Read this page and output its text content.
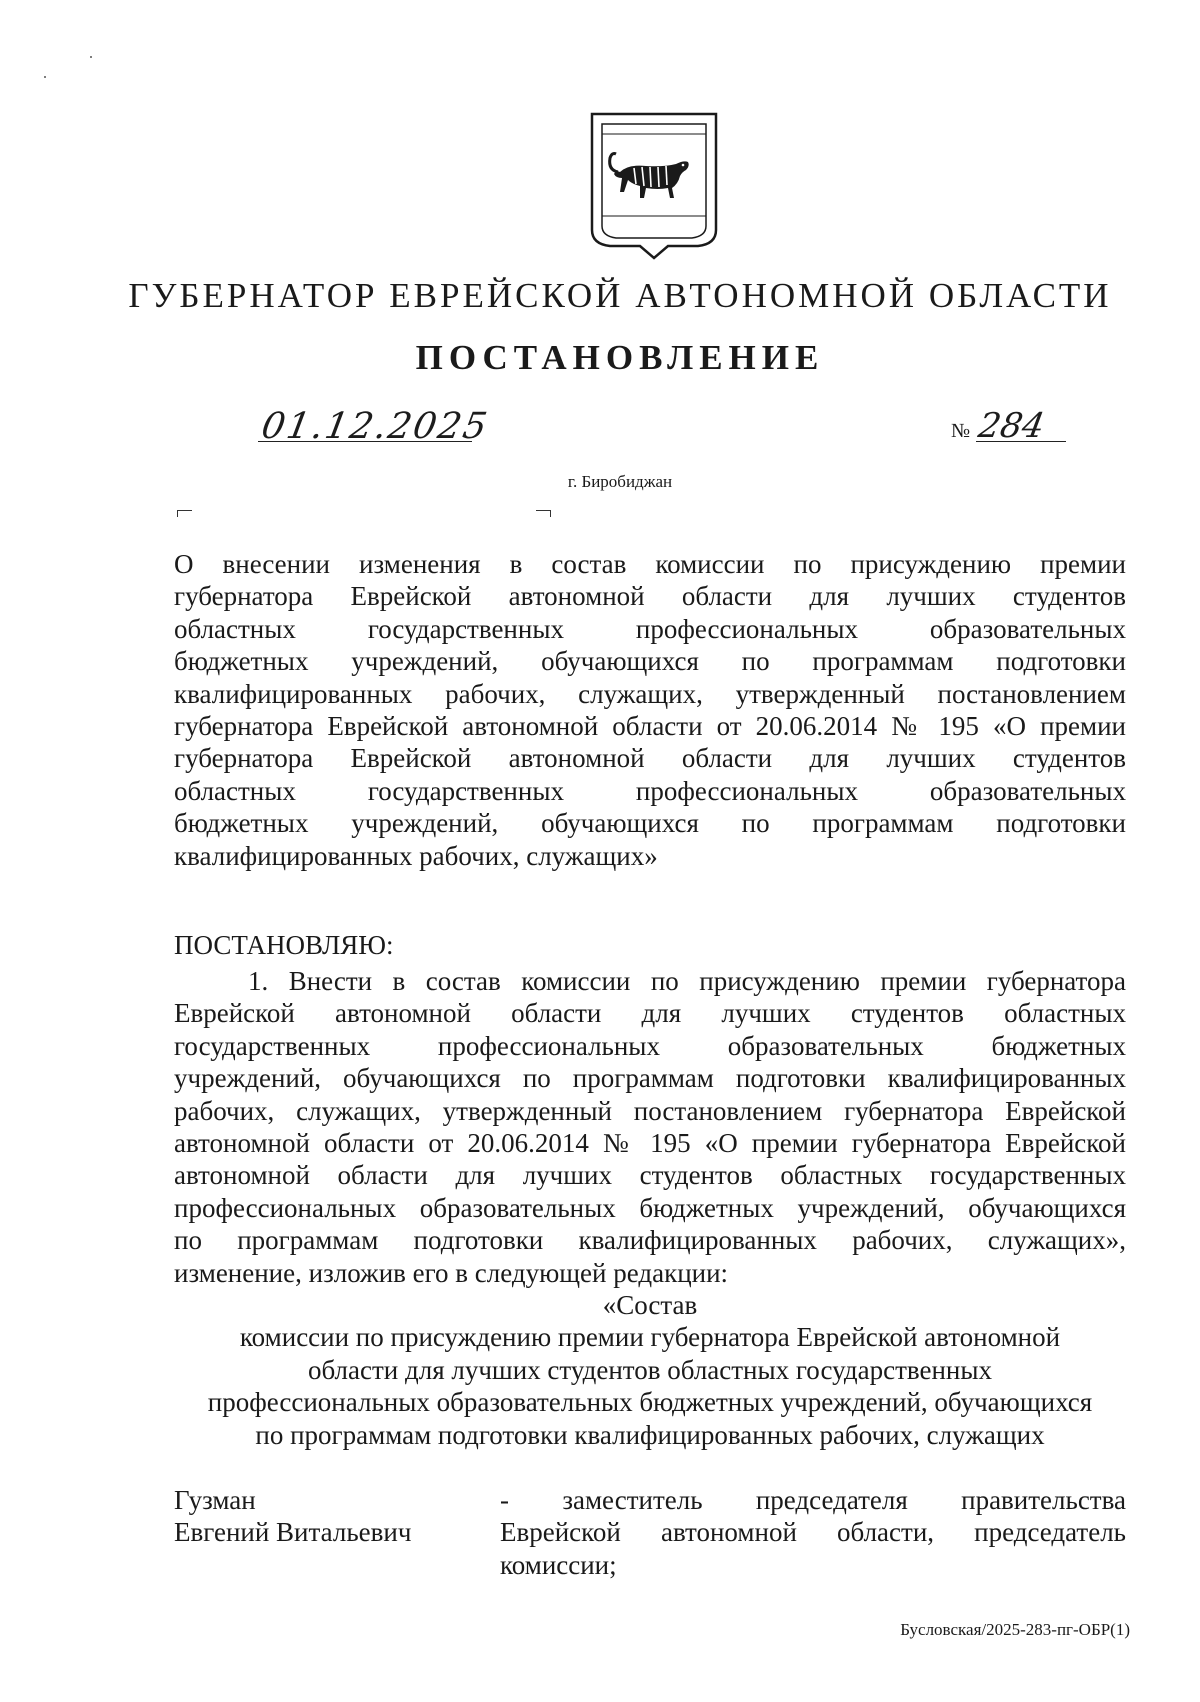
ГУБЕРНАТОР ЕВРЕЙСКОЙ АВТОНОМНОЙ ОБЛАСТИ
ПОСТАНОВЛЕНИЕ
01.12.2025	№ 284
г. Биробиджан
О внесении изменения в состав комиссии по присуждению премии
губернатора Еврейской автономной области для лучших студентов
областных государственных профессиональных образовательных
бюджетных учреждений, обучающихся по программам подготовки
квалифицированных рабочих, служащих, утвержденный постановлением
губернатора Еврейской автономной области от 20.06.2014 № 195 «О премии
губернатора Еврейской автономной области для лучших студентов
областных государственных профессиональных образовательных
бюджетных учреждений, обучающихся по программам подготовки
квалифицированных рабочих, служащих»
ПОСТАНОВЛЯЮ:
1. Внести в состав комиссии по присуждению премии губернатора
Еврейской автономной области для лучших студентов областных
государственных профессиональных образовательных бюджетных
учреждений, обучающихся по программам подготовки квалифицированных
рабочих, служащих, утвержденный постановлением губернатора Еврейской
автономной области от 20.06.2014 № 195 «О премии губернатора Еврейской
автономной области для лучших студентов областных государственных
профессиональных образовательных бюджетных учреждений, обучающихся
по программам подготовки квалифицированных рабочих, служащих»,
изменение, изложив его в следующей редакции:
«Состав
комиссии по присуждению премии губернатора Еврейской автономной
области для лучших студентов областных государственных
профессиональных образовательных бюджетных учреждений, обучающихся
по программам подготовки квалифицированных рабочих, служащих
Гузман
Евгений Витальевич
- заместитель председателя правительства
Еврейской автономной области, председатель
комиссии;
Бусловская/2025-283-пг-ОБР(1)
